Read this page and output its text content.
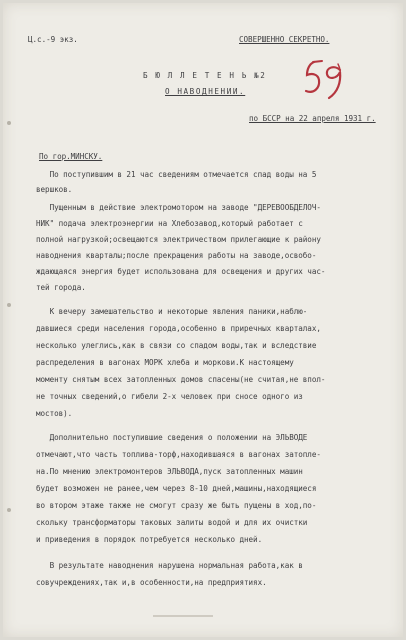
Ц.с.-9 экз.	СОВЕРШЕННО СЕКРЕТНО.
Б Ю Л Л Е Т Е Н Ь №2
О НАВОДНЕНИИ.
по БССР на 22 апреля 1931 г.
По гор.МИНСКУ.
По поступившим в 21 час сведениям отмечается спад воды на 5
вершков.
Пущенным в действие электромотором на заводе "ДЕРЕВООБДЕЛОЧ-
НИК" подача электроэнергии на Хлебозавод,который работает с
полной нагрузкой;освещаются электричеством прилегающие к району
наводнения кварталы;после прекращения работы на заводе,освобо-
ждающаяся энергия будет использована для освещения и других час-
тей города.
К вечеру замешательство и некоторые явления паники,наблю-
давшиеся среди населения города,особенно в приречных кварталах,
несколько улеглись,как в связи со спадом воды,так и вследствие
распределения в вагонах МОРК хлеба и моркови.К настоящему
моменту снятым всех затопленных домов спасены(не считая,не впол-
не точных сведений,о гибели 2-х человек при сносе одного из
мостов).
Дополнительно поступившие сведения о положении на ЭЛЬВОДЕ
отмечают,что часть топлива-торф,находившаяся в вагонах затопле-
на.По мнению электромонтеров ЭЛЬВОДА,пуск затопленных машин
будет возможен не ранее,чем через 8-10 дней,машины,находящиеся
во втором этаже также не смогут сразу же быть пущены в ход,по-
скольку трансформаторы таковых залиты водой и для их очистки
и приведения в порядок потребуется несколько дней.
В результате наводнения нарушена нормальная работа,как в
совучреждениях,так и,в особенности,на предприятиях.
